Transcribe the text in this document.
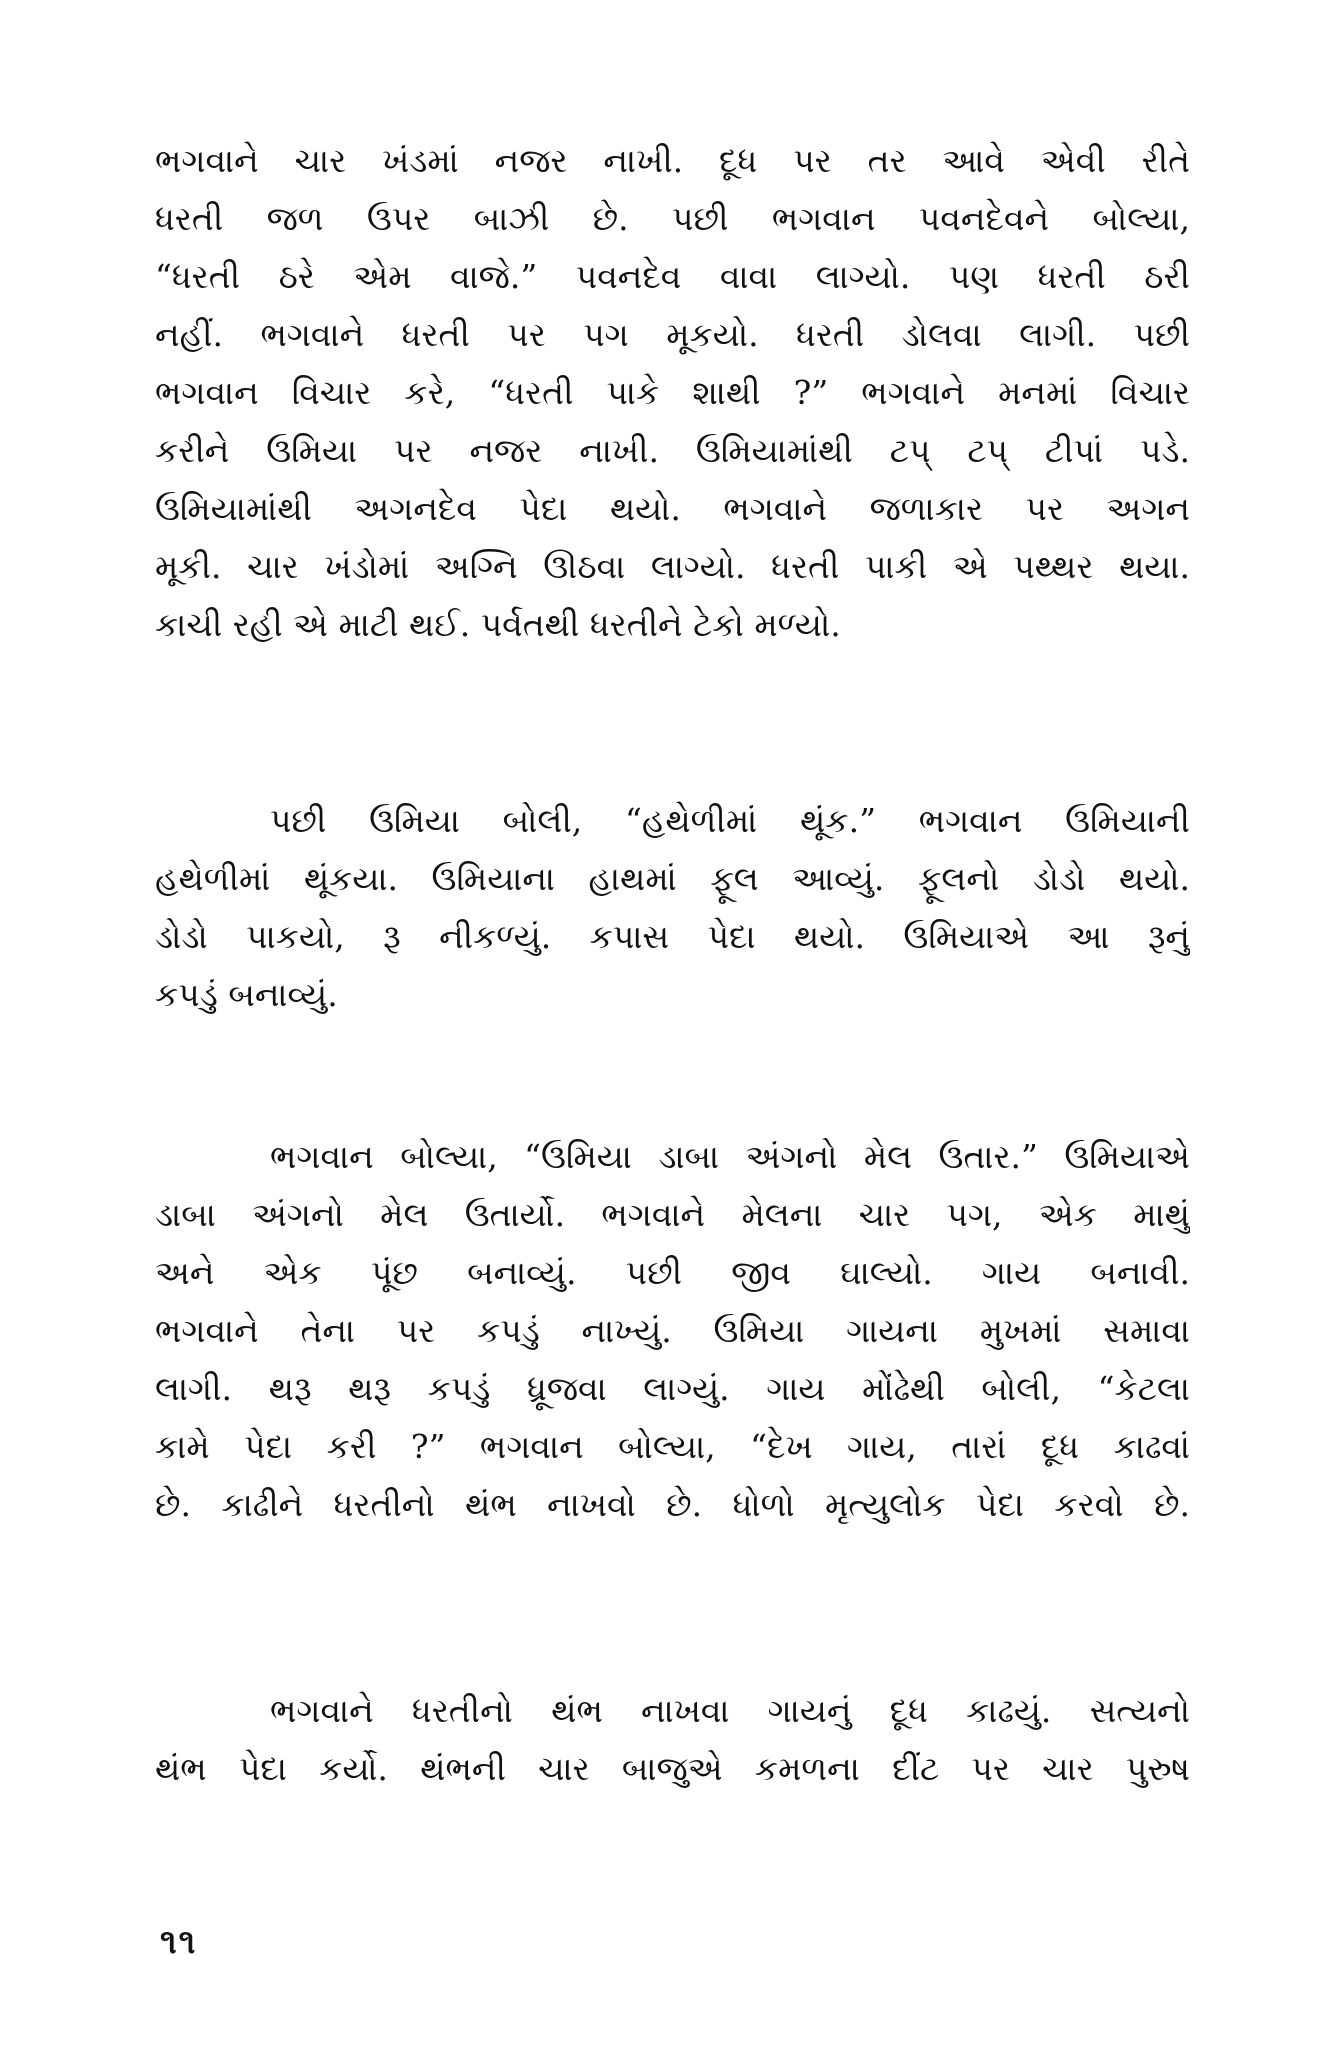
ભગવાને ચાર ખંડમાં નજર નાખી. દૂધ પર તર આવે એવી રીતે
ધરતી જળ ઉપર બાઝી છે. પછી ભગવાન પવનદેવને બોલ્યા,
“ધરતી ઠરે એમ વાજે.” પવનદેવ વાવા લાગ્યો. પણ ધરતી ઠરી
નહીં. ભગવાને ધરતી પર પગ મૂકયો. ધરતી ડોલવા લાગી. પછી
ભગવાન વિચાર કરે, “ધરતી પાકે શાથી ?” ભગવાને મનમાં વિચાર
કરીને ઉમિયા પર નજર નાખી. ઉમિયામાંથી ટપ્ ટપ્ ટીપાં પડે.
ઉમિયામાંથી અગનદેવ પેદા થયો. ભગવાને જળાકાર પર અગન
મૂકી. ચાર ખંડોમાં અગ્નિ ઊઠવા લાગ્યો. ધરતી પાકી એ પથ્થર થયા.
કાચી રહી એ માટી થઈ. પર્વતથી ધરતીને ટેકો મળ્યો.
પછી ઉમિયા બોલી, “હથેળીમાં થૂંક.” ભગવાન ઉમિયાની
હથેળીમાં થૂંકયા. ઉમિયાના હાથમાં ફૂલ આવ્યું. ફૂલનો ડોડો થયો.
ડોડો પાકયો, રૂ નીકળ્યું. કપાસ પેદા થયો. ઉમિયાએ આ રૂનું
કપડું બનાવ્યું.
ભગવાન બોલ્યા, “ઉમિયા ડાબા અંગનો મેલ ઉતાર.” ઉમિયાએ
ડાબા અંગનો મેલ ઉતાર્યો. ભગવાને મેલના ચાર પગ, એક માથું
અને એક પૂંછ બનાવ્યું. પછી જીવ ઘાલ્યો. ગાય બનાવી.
ભગવાને તેના પર કપડું નાખ્યું. ઉમિયા ગાયના મુખમાં સમાવા
લાગી. થરૂ થરૂ કપડું ધ્રૂજવા લાગ્યું. ગાય મોંઢેથી બોલી, “કેટલા
કામે પેદા કરી ?” ભગવાન બોલ્યા, “દેખ ગાય, તારાં દૂધ કાઢવાં
છે. કાઢીને ધરતીનો થંભ નાખવો છે. ધોળો મૃત્યુલોક પેદા કરવો છે.
ભગવાને ધરતીનો થંભ નાખવા ગાયનું દૂધ કાઢયું. સત્યનો
થંભ પેદા કર્યો. થંભની ચાર બાજુએ કમળના દીંટ પર ચાર પુરુષ
૧૧
